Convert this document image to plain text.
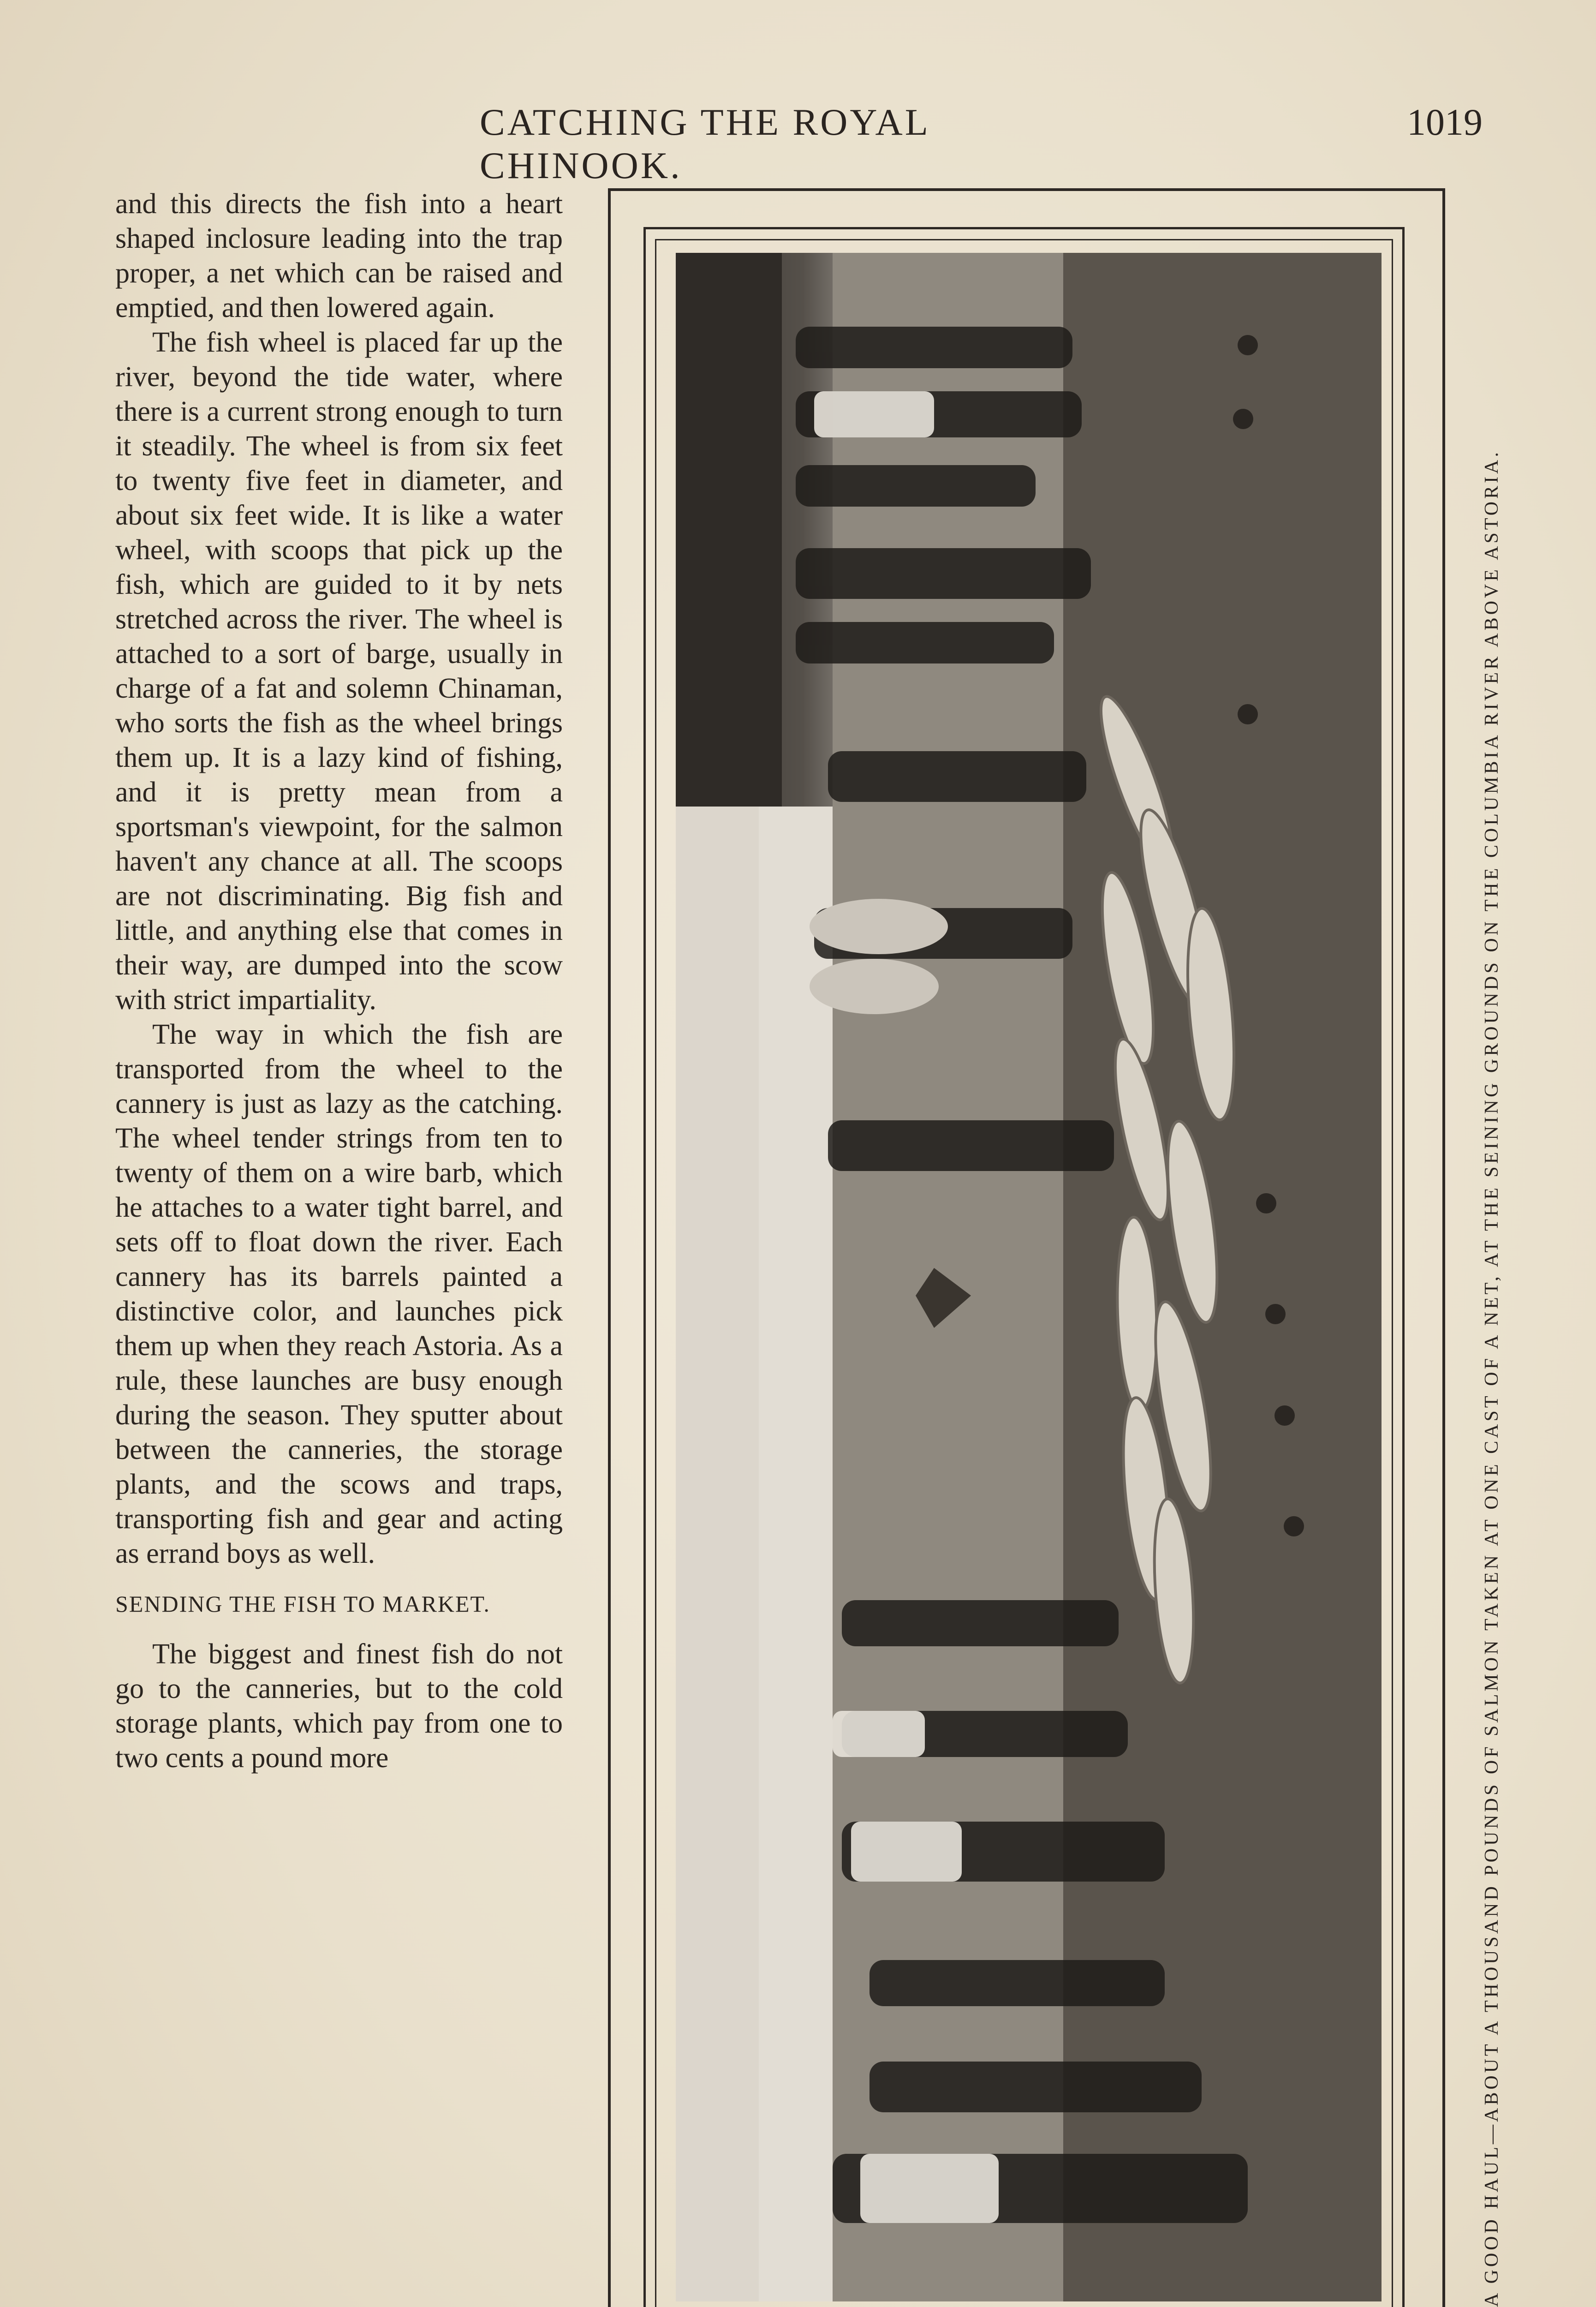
CATCHING THE ROYAL CHINOOK.
1019

and this directs the fish into a heart shaped inclosure leading into the trap proper, a net which can be raised and emptied, and then lowered again.

The fish wheel is placed far up the river, beyond the tide water, where there is a current strong enough to turn it steadily. The wheel is from six feet to twenty five feet in diameter, and about six feet wide. It is like a water wheel, with scoops that pick up the fish, which are guided to it by nets stretched across the river. The wheel is attached to a sort of barge, usually in charge of a fat and solemn Chinaman, who sorts the fish as the wheel brings them up. It is a lazy kind of fishing, and it is pretty mean from a sportsman's viewpoint, for the salmon haven't any chance at all. The scoops are not discriminating. Big fish and little, and anything else that comes in their way, are dumped into the scow with strict impartiality.

The way in which the fish are transported from the wheel to the cannery is just as lazy as the catching. The wheel tender strings from ten to twenty of them on a wire barb, which he attaches to a water tight barrel, and sets off to float down the river. Each cannery has its barrels painted a distinctive color, and launches pick them up when they reach Astoria. As a rule, these launches are busy enough during the season. They sputter about between the canneries, the storage plants, and the scows and traps, transporting fish and gear and acting as errand boys as well.

SENDING THE FISH TO MARKET.

The biggest and finest fish do not go to the canneries, but to the cold storage plants, which pay from one to two cents a pound more	A GOOD HAUL—ABOUT A THOUSAND POUNDS OF SALMON TAKEN AT ONE CAST OF A NET, AT THE SEINING GROUNDS ON THE COLUMBIA RIVER ABOVE ASTORIA.
